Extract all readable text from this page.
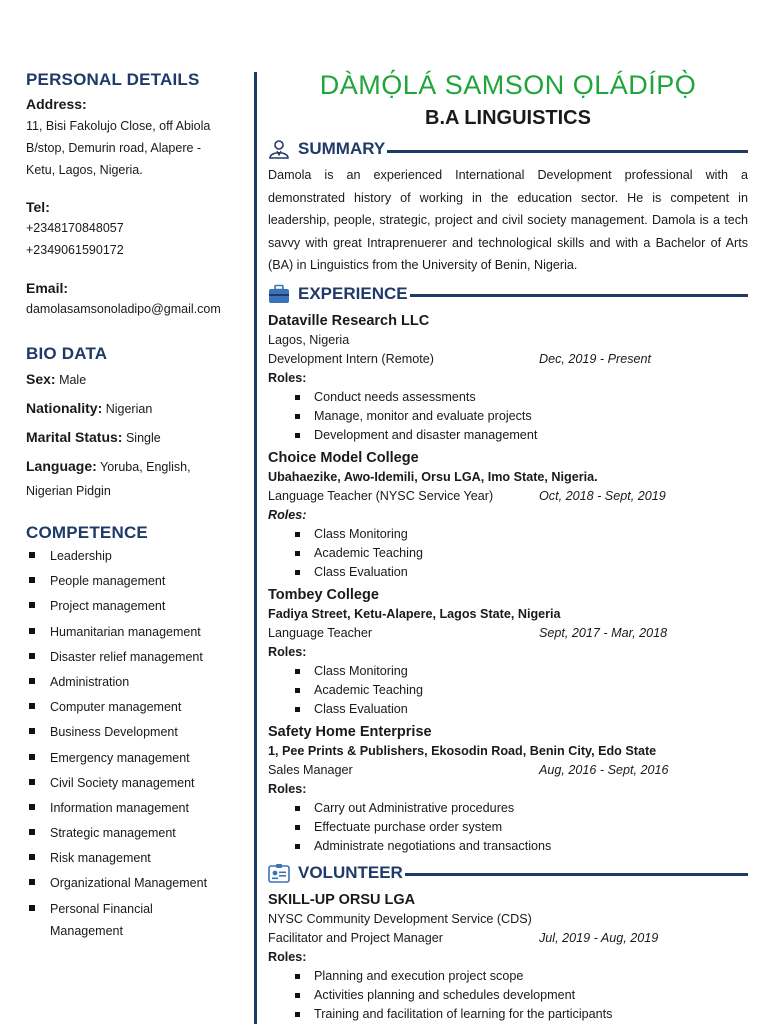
PERSONAL DETAILS

Address:

11, Bisi Fakolujo Close, off Abiola

B/stop, Demurin road, Alapere -

Ketu, Lagos, Nigeria.

Tel:

+2348170848057

+2349061590172

Email:

damolasamsonoladipo@gmail.com

BIO DATA

Sex: Male

Nationality: Nigerian

Marital Status: Single

Language: Yoruba, English,

Nigerian Pidgin

COMPETENCE

Leadership
People management
Project management
Humanitarian management
Disaster relief management
Administration
Computer management
Business Development
Emergency management
Civil Society management
Information management
Strategic management
Risk management
Organizational Management
Personal Financial Management

DÀMỌ́LÁ SAMSON ỌLÁDÍPỌ̀

B.A LINGUISTICS

SUMMARY

Damola is an experienced International Development professional with a demonstrated history of working in the education sector. He is competent in leadership, people, strategic, project and civil society management. Damola is a tech savvy with great Intraprenuerer and technological skills and with a Bachelor of Arts (BA) in Linguistics from the University of Benin, Nigeria.

EXPERIENCE

Dataville Research LLC

Lagos, Nigeria

Development Intern (Remote)	Dec, 2019 - Present

Roles:

Conduct needs assessments
Manage, monitor and evaluate projects
Development and disaster management

Choice Model College

Ubahaezike, Awo-Idemili, Orsu LGA, Imo State, Nigeria.

Language Teacher (NYSC Service Year)	Oct, 2018 - Sept, 2019

Roles:

Class Monitoring
Academic Teaching
Class Evaluation

Tombey College

Fadiya Street, Ketu-Alapere, Lagos State, Nigeria

Language Teacher	Sept, 2017 - Mar, 2018

Roles:

Class Monitoring
Academic Teaching
Class Evaluation

Safety Home Enterprise

1, Pee Prints & Publishers, Ekosodin Road, Benin City, Edo State

Sales Manager	Aug, 2016 - Sept, 2016

Roles:

Carry out Administrative procedures
Effectuate purchase order system
Administrate negotiations and transactions
VOLUNTEER

SKILL-UP ORSU LGA

NYSC Community Development Service (CDS)

Facilitator and Project Manager	Jul, 2019 - Aug, 2019

Roles:

Planning and execution project scope
Activities planning and schedules development
Training and facilitation of learning for the participants
